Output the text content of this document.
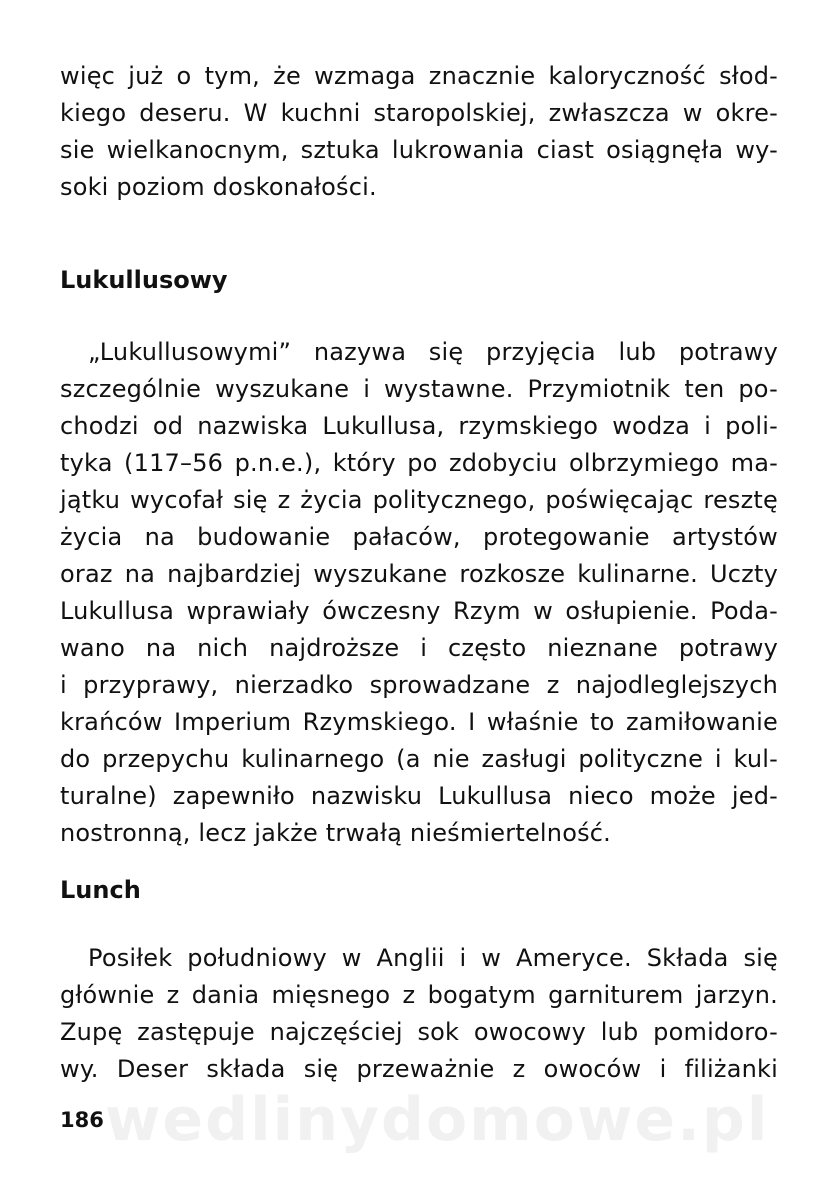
wedlinydomowe.pl
więc już o tym, że wzmaga znacznie kaloryczność słod-
kiego deseru. W kuchni staropolskiej, zwłaszcza w okre-
sie wielkanocnym, sztuka lukrowania ciast osiągnęła wy-
soki poziom doskonałości.
Lukullusowy
„Lukullusowymi” nazywa się przyjęcia lub potrawy
szczególnie wyszukane i wystawne. Przymiotnik ten po-
chodzi od nazwiska Lukullusa, rzymskiego wodza i poli-
tyka (117–56 p.n.e.), który po zdobyciu olbrzymiego ma-
jątku wycofał się z życia politycznego, poświęcając resztę
życia na budowanie pałaców, protegowanie artystów
oraz na najbardziej wyszukane rozkosze kulinarne. Uczty
Lukullusa wprawiały ówczesny Rzym w osłupienie. Poda-
wano na nich najdroższe i często nieznane potrawy
i przyprawy, nierzadko sprowadzane z najodleglejszych
krańców Imperium Rzymskiego. I właśnie to zamiłowanie
do przepychu kulinarnego (a nie zasługi polityczne i kul-
turalne) zapewniło nazwisku Lukullusa nieco może jed-
nostronną, lecz jakże trwałą nieśmiertelność.
Lunch
Posiłek południowy w Anglii i w Ameryce. Składa się
głównie z dania mięsnego z bogatym garniturem jarzyn.
Zupę zastępuje najczęściej sok owocowy lub pomidoro-
wy. Deser składa się przeważnie z owoców i filiżanki
186
